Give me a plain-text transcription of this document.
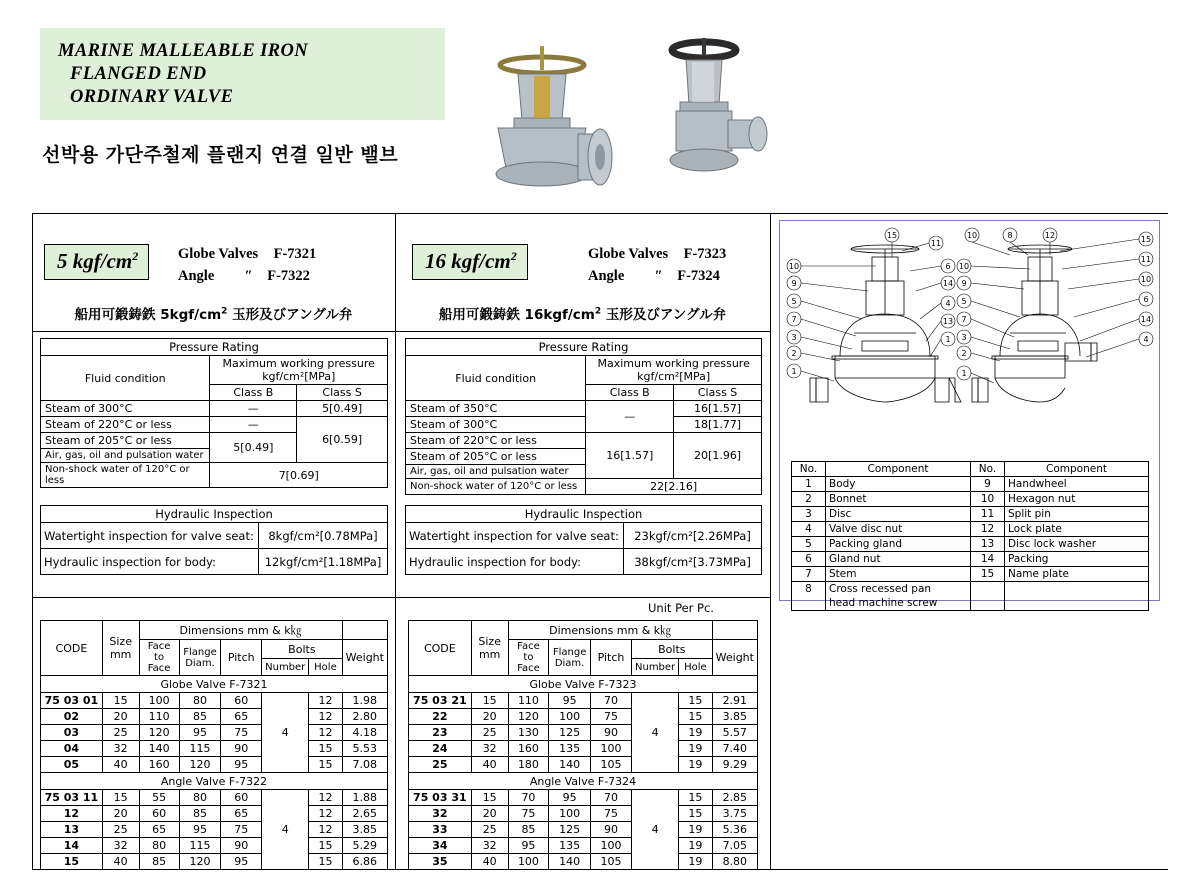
MARINE MALLEABLE IRON
FLANGED END
ORDINARY VALVE
선박용 가단주철제 플랜지 연결 일반 밸브
5 kgf/$cm^2$	Globe Valves F-7321
Angle ″ F-7322
船用可鍛鋳鉄 $5kgf/cm^2$ 玉形及びアングル弁
Pressure Rating		
Fluid condition	Maximum working pressure
kgf/cm²[MPa]	
	Class B	Class S
Steam of 300°C	—	5[0.49]
Steam of 220°C or less	—	6[0.59]
Steam of 205°C or less	5[0.49]	
Air, gas, oil and pulsation water		
Non-shock water of 120°C or less	7[0.69]	
Hydraulic Inspection	
Watertight inspection for valve seat:	8kgf/cm²[0.78MPa]
Hydraulic inspection for body:	12kgf/cm²[1.18MPa]
CODE	Size
mm	Dimensions mm & k㎏					
		Face to
Face	Flange
Diam.	Pitch	Bolts		Weight
					Number	Hole	
Globe Valve F-7321							
75 03 01	15	100	80	60	4	12	1.98
02	20	110	85	65		12	2.80
03	25	120	95	75		12	4.18
04	32	140	115	90		15	5.53
05	40	160	120	95		15	7.08
Angle Valve F-7322							
75 03 11	15	55	80	60	4	12	1.88
12	20	60	85	65		12	2.65
13	25	65	95	75		12	3.85
14	32	80	115	90		15	5.29
15	40	85	120	95		15	6.86
16 kgf/$cm^2$	Globe Valves F-7323
Angle ″ F-7324
船用可鍛鋳鉄 $16kgf/cm^2$ 玉形及びアングル弁
Pressure Rating		
Fluid condition	Maximum working pressure
kgf/cm²[MPa]	
	Class B	Class S
Steam of 350°C	—	16[1.57]
Steam of 300°C		18[1.77]
Steam of 220°C or less	16[1.57]	20[1.96]
Steam of 205°C or less		
Air, gas, oil and pulsation water		
Non-shock water of 120°C or less	22[2.16]	
Hydraulic Inspection	
Watertight inspection for valve seat:	23kgf/cm²[2.26MPa]
Hydraulic inspection for body:	38kgf/cm²[3.73MPa]
Unit Per Pc.
CODE	Size
mm	Dimensions mm & k㎏					
		Face to
Face	Flange
Diam.	Pitch	Bolts		Weight
					Number	Hole	
Globe Valve F-7323							
75 03 21	15	110	95	70	4	15	2.91
22	20	120	100	75		15	3.85
23	25	130	125	90		19	5.57
24	32	160	135	100		19	7.40
25	40	180	140	105		19	9.29
Angle Valve F-7324							
75 03 31	15	70	95	70	4	15	2.85
32	20	75	100	75		15	3.75
33	25	85	125	90		19	5.36
34	32	95	135	100		19	7.05
35	40	100	140	105		19	8.80
10
9
5
7
3
2
1
15
11
6
14
4
13
1
10
9
5
7
3
2
1
10	8	12	15
11
10
6
14
4
No.	Component	No.	Component
1	Body	9	Handwheel
2	Bonnet	10	Hexagon nut
3	Disc	11	Split pin
4	Valve disc nut	12	Lock plate
5	Packing gland	13	Disc lock washer
6	Gland nut	14	Packing
7	Stem	15	Name plate
8	Cross recessed pan		
	head machine screw		
